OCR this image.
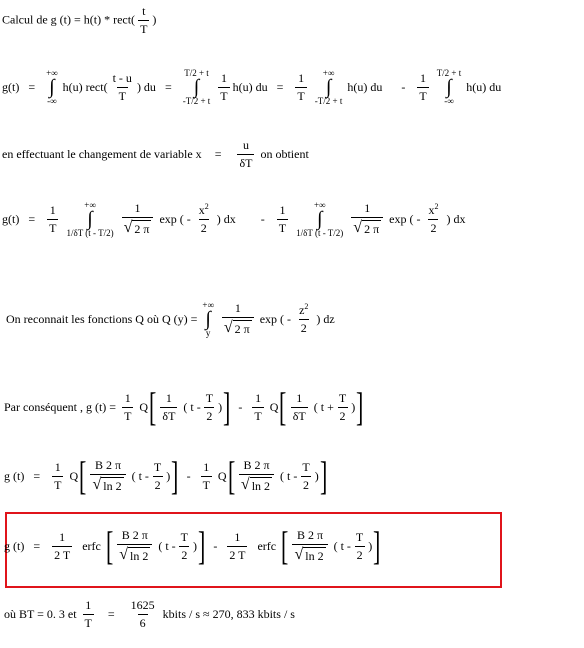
Calcul de g (t) = h(t) * rect( $\frac{t}{T}$ )
g(t) =
+∞
∫
-∞
h(u) rect( $\frac{t - u}{T}$ ) du =
T/2 + t
∫
-T/2 + t
$\frac{1}{T} h(u)$ du = $\frac{1}{T}$
+∞
∫
-T/2 + t
h(u) du - $\frac{1}{T}$
T/2 + t
∫
-∞
h(u) du
en effectuant le changement de variable $x = \frac{u}{\delta T}$ on obtient
$g(t) = \frac{1}{T}$
	+∞
∫
1/δT (t - T/2)
$\frac{1}{√ 2 \pi}$ exp ( - $\frac{x^2}{2}$ ) dx - $\frac{1}{T}$
	+∞
∫
1/δT (t - T/2)
$\frac{1}{√ 2 \pi}$ exp ( - $\frac{x^2}{2}$ ) dx
On reconnait les fonctions Q où Q (y) =
+∞
∫
y
$\frac{1}{√ 2 \pi}$ exp ( - $\frac{z^2}{2}$ ) dz
Par conséquent , g $(t) = \frac{1}{T} Q[ \frac{1}{\delta T}$ ( t - $\frac{T}{2}$ )] - $\frac{1}{T} Q[ \frac{1}{\delta T}$ ( $t + \frac{T}{2}$ )]
g $(t) = \frac{1}{T} Q[ \frac{B 2 \pi}{√ \ln 2}$ ( t - $\frac{T}{2}$ )] - $\frac{1}{T} Q[ \frac{B 2 \pi}{√ \ln 2}$ ( t - $\frac{T}{2}$ )]
g $(t) = \frac{1}{2 T}$ erfc [ $\frac{B 2 \pi}{√ \ln 2}$ ( t - $\frac{T}{2}$ )] - $\frac{1}{2 T}$ erfc [ $\frac{B 2 \pi}{√ \ln 2}$ ( t - $\frac{T}{2}$ )]
où BT = 0. 3 et $\frac{1}{T} = \frac{1625}{6}$ kbits / s ≈ 270, 833 kbits / s
